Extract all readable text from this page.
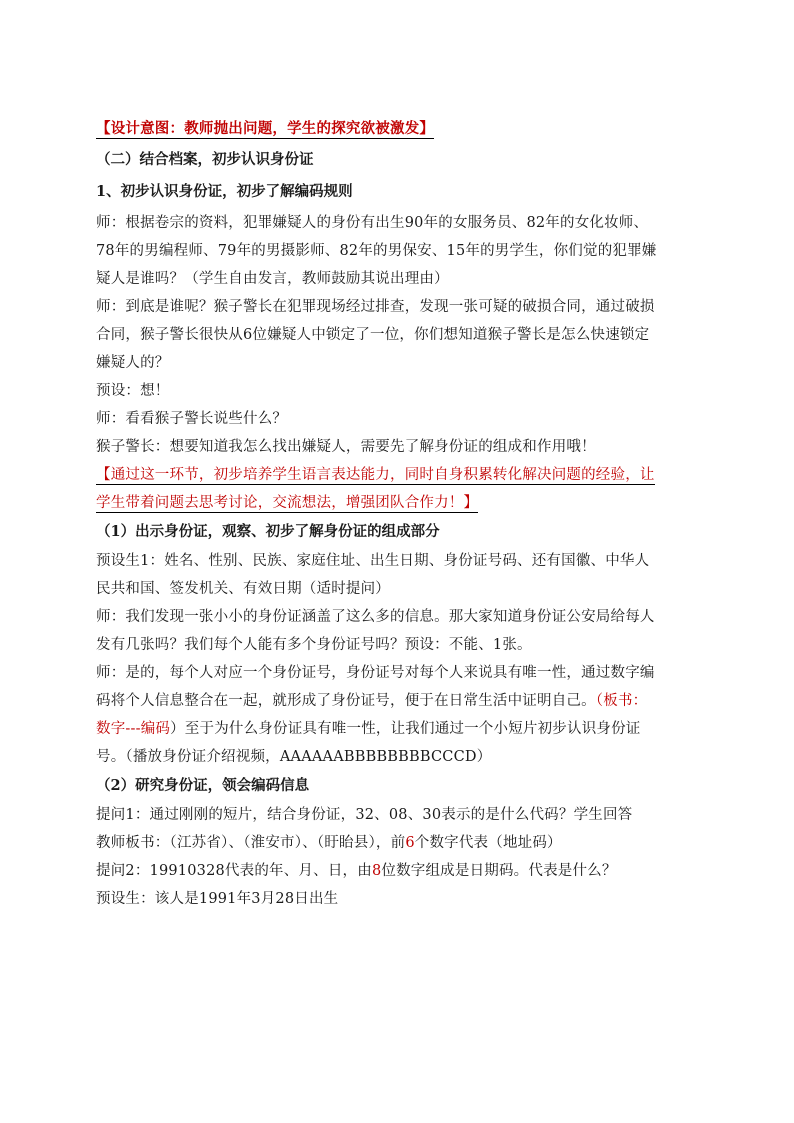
【设计意图：教师抛出问题，学生的探究欲被激发】
（二）结合档案，初步认识身份证
1、初步认识身份证，初步了解编码规则
师：根据卷宗的资料，犯罪嫌疑人的身份有出生90年的女服务员、82年的女化妆师、
78年的男编程师、79年的男摄影师、82年的男保安、15年的男学生，你们觉的犯罪嫌
疑人是谁吗？（学生自由发言，教师鼓励其说出理由）
师：到底是谁呢？猴子警长在犯罪现场经过排查，发现一张可疑的破损合同，通过破损
合同，猴子警长很快从6位嫌疑人中锁定了一位，你们想知道猴子警长是怎么快速锁定
嫌疑人的？
预设：想！
师：看看猴子警长说些什么？
猴子警长：想要知道我怎么找出嫌疑人，需要先了解身份证的组成和作用哦！
【通过这一环节，初步培养学生语言表达能力，同时自身积累转化解决问题的经验，让
学生带着问题去思考讨论，交流想法，增强团队合作力！】
（1）出示身份证，观察、初步了解身份证的组成部分
预设生1：姓名、性别、民族、家庭住址、出生日期、身份证号码、还有国徽、中华人
民共和国、签发机关、有效日期（适时提问）
师：我们发现一张小小的身份证涵盖了这么多的信息。那大家知道身份证公安局给每人
发有几张吗？我们每个人能有多个身份证号吗？预设：不能、1张。
师：是的，每个人对应一个身份证号，身份证号对每个人来说具有唯一性，通过数字编
码将个人信息整合在一起，就形成了身份证号，便于在日常生活中证明自己。（板书：
数字---编码）至于为什么身份证具有唯一性，让我们通过一个小短片初步认识身份证
号。（播放身份证介绍视频，AAAAAABBBBBBBBCCCD）
（2）研究身份证，领会编码信息
提问1：通过刚刚的短片，结合身份证，32、08、30表示的是什么代码？学生回答
教师板书：（江苏省）、（淮安市）、（盱眙县），前6个数字代表（地址码）
提问2：19910328代表的年、月、日，由8位数字组成是日期码。代表是什么？
预设生：该人是1991年3月28日出生
